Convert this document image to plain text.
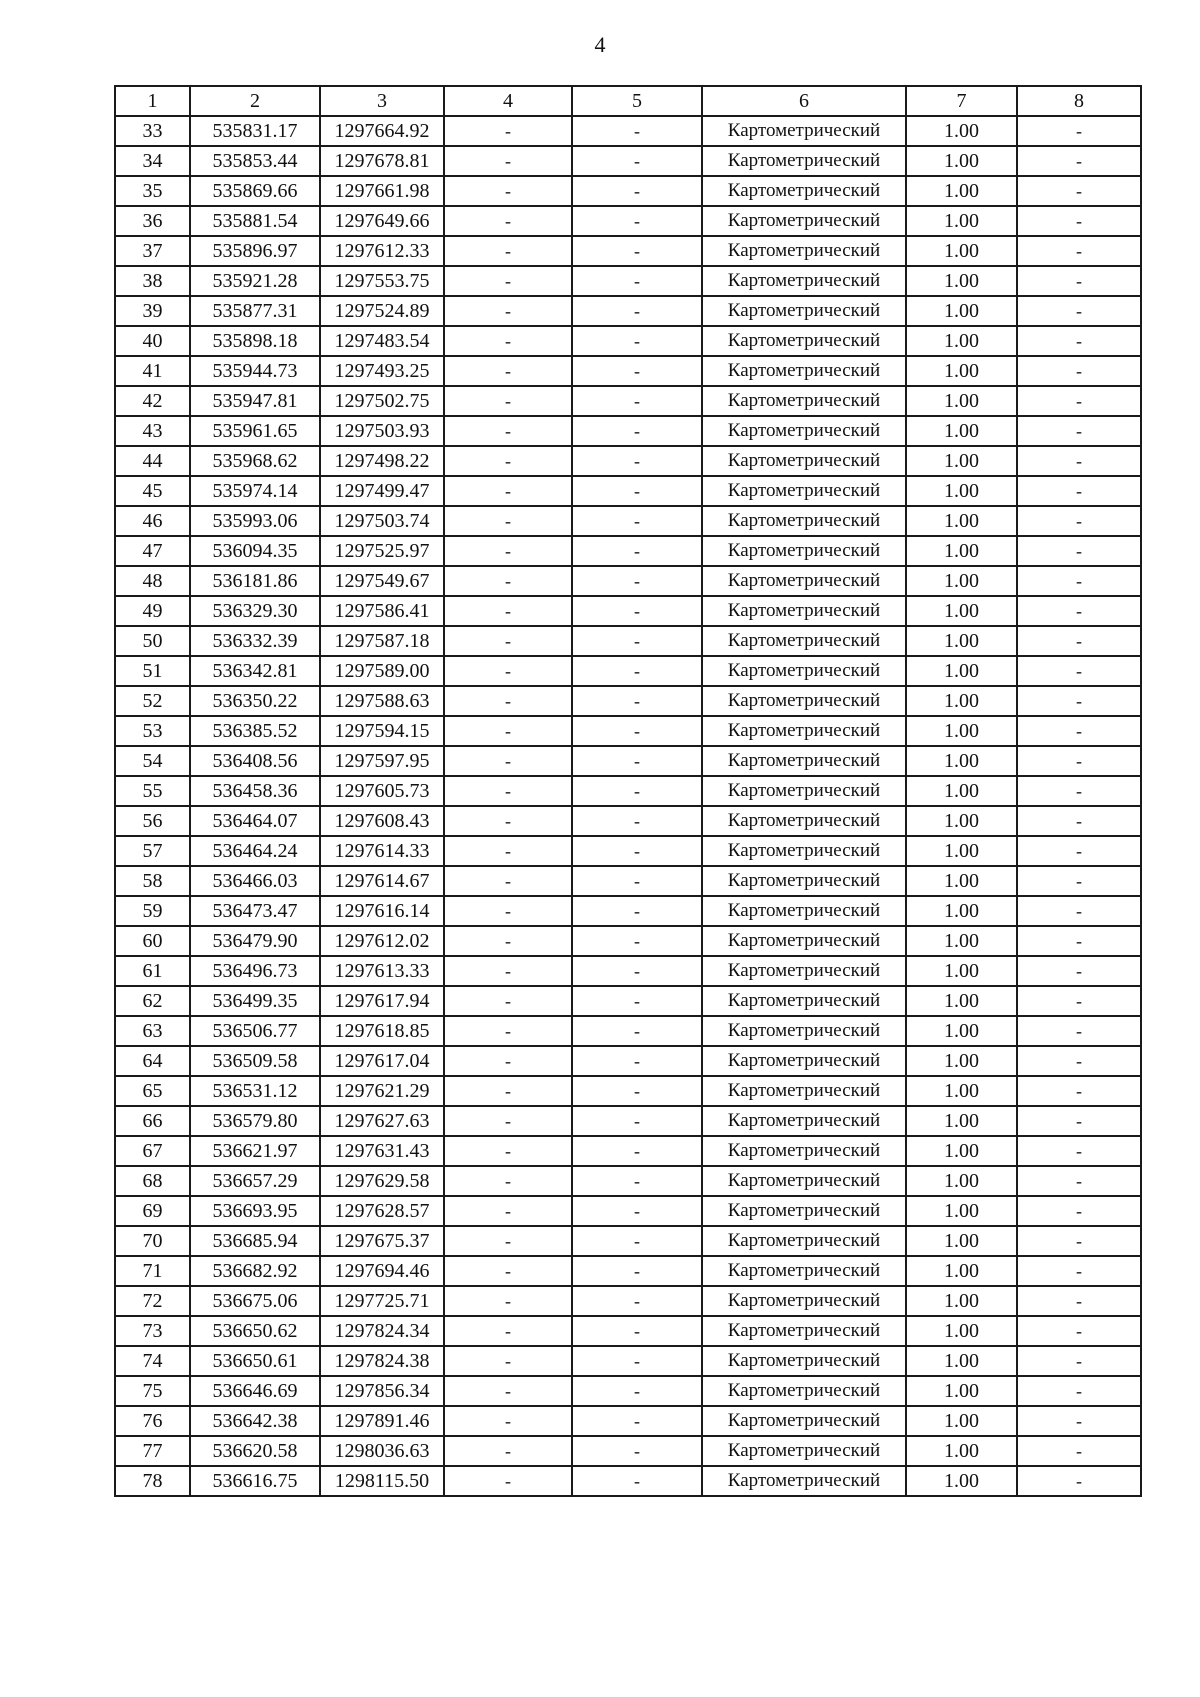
4
1	2	3	4	5	6	7	8
33	535831.17	1297664.92	-	-	Картометрический	1.00	-
34	535853.44	1297678.81	-	-	Картометрический	1.00	-
35	535869.66	1297661.98	-	-	Картометрический	1.00	-
36	535881.54	1297649.66	-	-	Картометрический	1.00	-
37	535896.97	1297612.33	-	-	Картометрический	1.00	-
38	535921.28	1297553.75	-	-	Картометрический	1.00	-
39	535877.31	1297524.89	-	-	Картометрический	1.00	-
40	535898.18	1297483.54	-	-	Картометрический	1.00	-
41	535944.73	1297493.25	-	-	Картометрический	1.00	-
42	535947.81	1297502.75	-	-	Картометрический	1.00	-
43	535961.65	1297503.93	-	-	Картометрический	1.00	-
44	535968.62	1297498.22	-	-	Картометрический	1.00	-
45	535974.14	1297499.47	-	-	Картометрический	1.00	-
46	535993.06	1297503.74	-	-	Картометрический	1.00	-
47	536094.35	1297525.97	-	-	Картометрический	1.00	-
48	536181.86	1297549.67	-	-	Картометрический	1.00	-
49	536329.30	1297586.41	-	-	Картометрический	1.00	-
50	536332.39	1297587.18	-	-	Картометрический	1.00	-
51	536342.81	1297589.00	-	-	Картометрический	1.00	-
52	536350.22	1297588.63	-	-	Картометрический	1.00	-
53	536385.52	1297594.15	-	-	Картометрический	1.00	-
54	536408.56	1297597.95	-	-	Картометрический	1.00	-
55	536458.36	1297605.73	-	-	Картометрический	1.00	-
56	536464.07	1297608.43	-	-	Картометрический	1.00	-
57	536464.24	1297614.33	-	-	Картометрический	1.00	-
58	536466.03	1297614.67	-	-	Картометрический	1.00	-
59	536473.47	1297616.14	-	-	Картометрический	1.00	-
60	536479.90	1297612.02	-	-	Картометрический	1.00	-
61	536496.73	1297613.33	-	-	Картометрический	1.00	-
62	536499.35	1297617.94	-	-	Картометрический	1.00	-
63	536506.77	1297618.85	-	-	Картометрический	1.00	-
64	536509.58	1297617.04	-	-	Картометрический	1.00	-
65	536531.12	1297621.29	-	-	Картометрический	1.00	-
66	536579.80	1297627.63	-	-	Картометрический	1.00	-
67	536621.97	1297631.43	-	-	Картометрический	1.00	-
68	536657.29	1297629.58	-	-	Картометрический	1.00	-
69	536693.95	1297628.57	-	-	Картометрический	1.00	-
70	536685.94	1297675.37	-	-	Картометрический	1.00	-
71	536682.92	1297694.46	-	-	Картометрический	1.00	-
72	536675.06	1297725.71	-	-	Картометрический	1.00	-
73	536650.62	1297824.34	-	-	Картометрический	1.00	-
74	536650.61	1297824.38	-	-	Картометрический	1.00	-
75	536646.69	1297856.34	-	-	Картометрический	1.00	-
76	536642.38	1297891.46	-	-	Картометрический	1.00	-
77	536620.58	1298036.63	-	-	Картометрический	1.00	-
78	536616.75	1298115.50	-	-	Картометрический	1.00	-
